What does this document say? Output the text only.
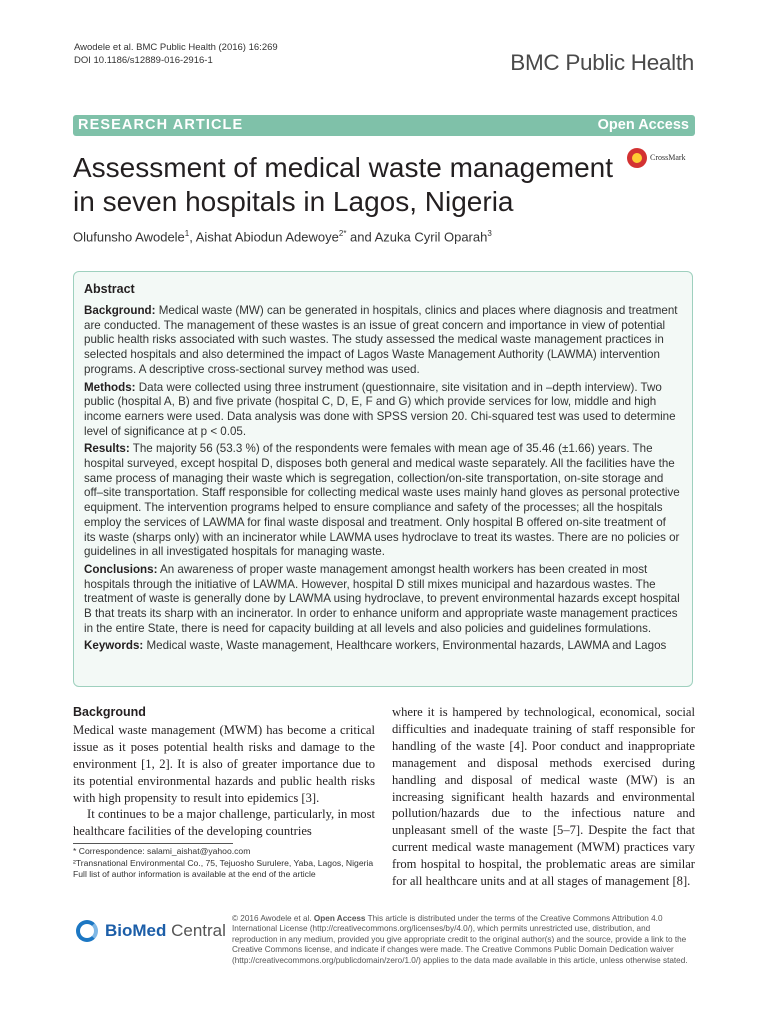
Awodele et al. BMC Public Health (2016) 16:269
DOI 10.1186/s12889-016-2916-1	BMC Public Health
RESEARCH ARTICLE	Open Access
Assessment of medical waste management in seven hospitals in Lagos, Nigeria
CrossMark
Olufunsho Awodele$^1$, Aishat Abiodun Adewoye$^{2*}$ and Azuka Cyril Oparah$^3$
Abstract

Background: Medical waste (MW) can be generated in hospitals, clinics and places where diagnosis and treatment are conducted. The management of these wastes is an issue of great concern and importance in view of potential public health risks associated with such wastes. The study assessed the medical waste management practices in selected hospitals and also determined the impact of Lagos Waste Management Authority (LAWMA) intervention programs. A descriptive cross-sectional survey method was used.

Methods: Data were collected using three instrument (questionnaire, site visitation and in –depth interview). Two public (hospital A, B) and five private (hospital C, D, E, F and G) which provide services for low, middle and high income earners were used. Data analysis was done with SPSS version 20. Chi-squared test was used to determine level of significance at p < 0.05.

Results: The majority 56 (53.3 %) of the respondents were females with mean age of 35.46 (±1.66) years. The hospital surveyed, except hospital D, disposes both general and medical waste separately. All the facilities have the same process of managing their waste which is segregation, collection/on-site transportation, on-site storage and off–site transportation. Staff responsible for collecting medical waste uses mainly hand gloves as personal protective equipment. The intervention programs helped to ensure compliance and safety of the processes; all the hospitals employ the services of LAWMA for final waste disposal and treatment. Only hospital B offered on-site treatment of its waste (sharps only) with an incinerator while LAWMA uses hydroclave to treat its wastes. There are no policies or guidelines in all investigated hospitals for managing waste.

Conclusions: An awareness of proper waste management amongst health workers has been created in most hospitals through the initiative of LAWMA. However, hospital D still mixes municipal and hazardous wastes. The treatment of waste is generally done by LAWMA using hydroclave, to prevent environmental hazards except hospital B that treats its sharp with an incinerator. In order to enhance uniform and appropriate waste management practices in the entire State, there is need for capacity building at all levels and also policies and guidelines formulations.

Keywords: Medical waste, Waste management, Healthcare workers, Environmental hazards, LAWMA and Lagos

Background

Medical waste management (MWM) has become a critical issue as it poses potential health risks and damage to the environment [1, 2]. It is also of greater importance due to its potential environmental hazards and public health risks with high propensity to result into epidemics [3].

It continues to be a major challenge, particularly, in most healthcare facilities of the developing countries

where it is hampered by technological, economical, social difficulties and inadequate training of staff responsible for handling of the waste [4]. Poor conduct and inappropriate management and disposal methods exercised during handling and disposal of medical waste (MW) is an increasing significant health hazards and environmental pollution/hazards due to the infectious nature and unpleasant smell of the waste [5–7]. Despite the fact that current medical waste management (MWM) practices vary from hospital to hospital, the problematic areas are similar for all healthcare units and at all stages of management [8].

* Correspondence: salami_aishat@yahoo.com

²Transnational Environmental Co., 75, Tejuosho Surulere, Yaba, Lagos, Nigeria

Full list of author information is available at the end of the article

BioMed Central
© 2016 Awodele et al. Open Access This article is distributed under the terms of the Creative Commons Attribution 4.0 International License (http://creativecommons.org/licenses/by/4.0/), which permits unrestricted use, distribution, and reproduction in any medium, provided you give appropriate credit to the original author(s) and the source, provide a link to the Creative Commons license, and indicate if changes were made. The Creative Commons Public Domain Dedication waiver (http://creativecommons.org/publicdomain/zero/1.0/) applies to the data made available in this article, unless otherwise stated.
